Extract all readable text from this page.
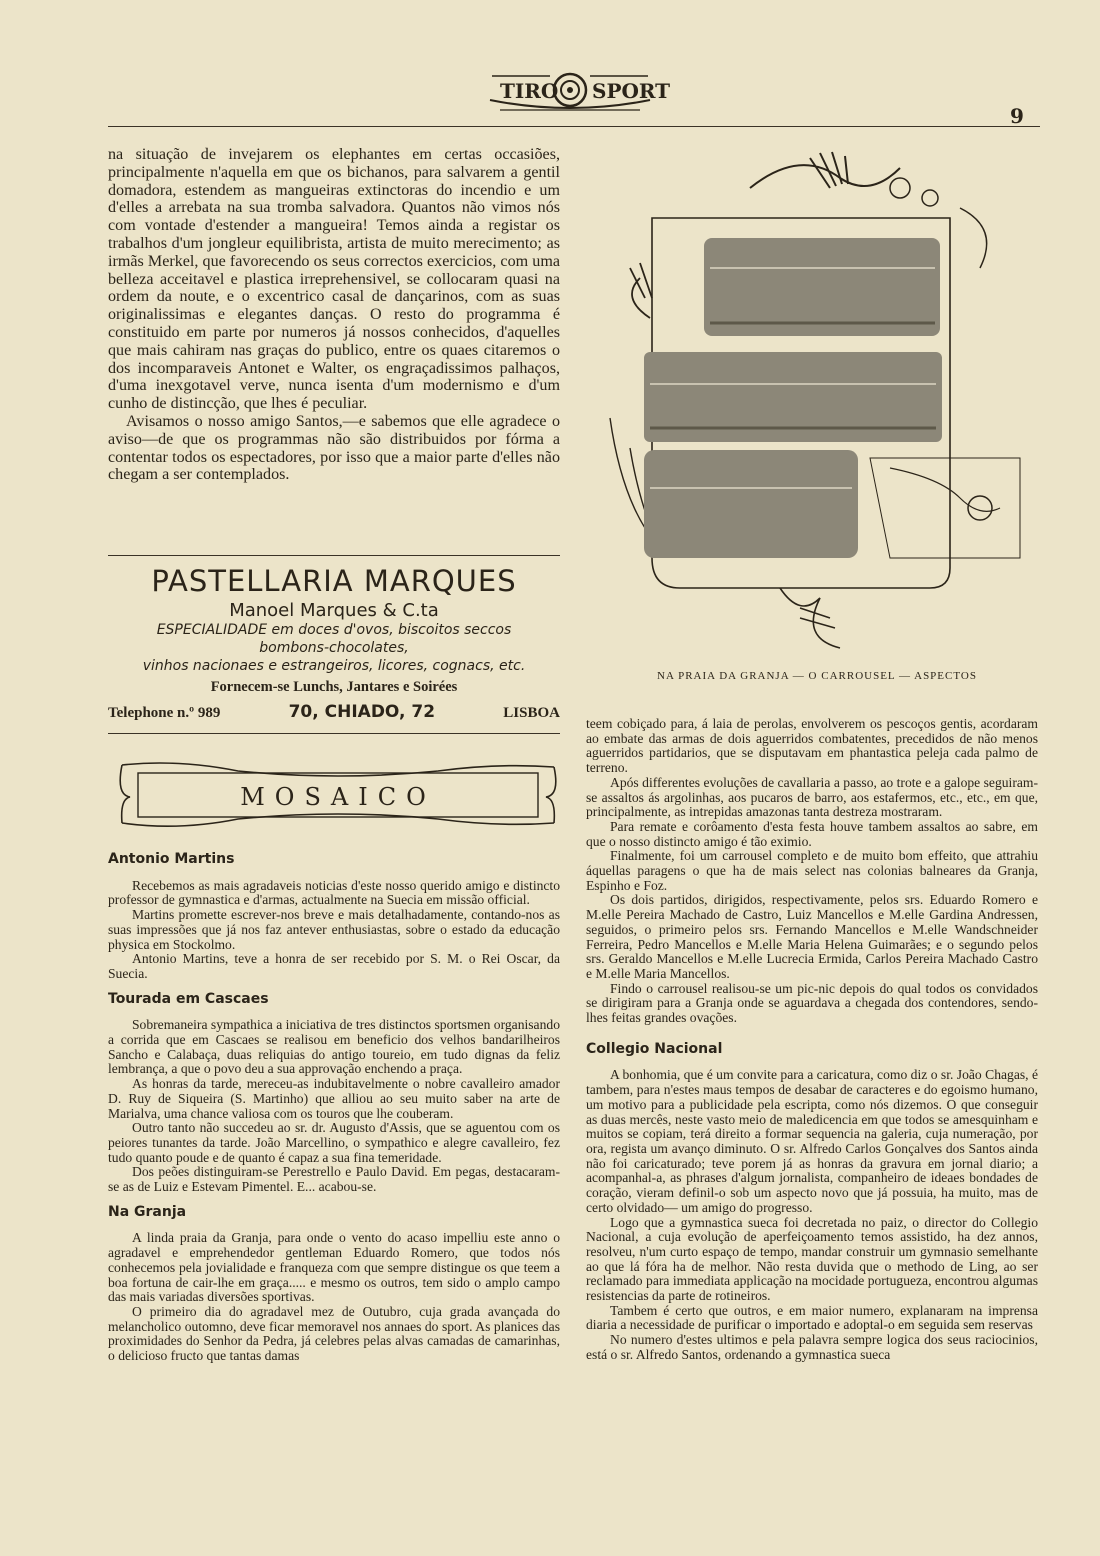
TIRO SPORT
9

na situação de invejarem os elephantes em certas occasiões, principalmente n'aquella em que os bichanos, para salvarem a gentil domadora, estendem as mangueiras extinctoras do incendio e um d'elles a arrebata na sua tromba salvadora. Quantos não vimos nós com vontade d'estender a mangueira! Temos ainda a registar os trabalhos d'um jongleur equilibrista, artista de muito merecimento; as irmãs Merkel, que favorecendo os seus correctos exercicios, com uma belleza acceitavel e plastica irreprehensivel, se collocaram quasi na ordem da noute, e o excentrico casal de dançarinos, com as suas originalissimas e elegantes danças. O resto do programma é constituido em parte por numeros já nossos conhecidos, d'aquelles que mais cahiram nas graças do publico, entre os quaes citaremos o dos incomparaveis Antonet e Walter, os engraçadissimos palhaços, d'uma inexgotavel verve, nunca isenta d'um modernismo e d'um cunho de distincção, que lhes é peculiar.

Avisamos o nosso amigo Santos,—e sabemos que elle agradece o aviso—de que os programmas não são distribuidos por fórma a contentar todos os espectadores, por isso que a maior parte d'elles não chegam a ser contemplados.

PASTELLARIA MARQUES
Manoel Marques & C.ta
ESPECIALIDADE em doces d'ovos, biscoitos seccos
bombons-chocolates,
vinhos nacionaes e estrangeiros, licores, cognacs, etc.
Fornecem-se Lunchs, Jantares e Soirées
Telephone n.º 989	70, CHIADO, 72	LISBOA
MOSAICO
Antonio Martins

Recebemos as mais agradaveis noticias d'este nosso querido amigo e distincto professor de gymnastica e d'armas, actualmente na Suecia em missão official.

Martins promette escrever-nos breve e mais detalhadamente, contando-nos as suas impressões que já nos faz antever enthusiastas, sobre o estado da educação physica em Stockolmo.

Antonio Martins, teve a honra de ser recebido por S. M. o Rei Oscar, da Suecia.

Tourada em Cascaes

Sobremaneira sympathica a iniciativa de tres distinctos sportsmen organisando a corrida que em Cascaes se realisou em beneficio dos velhos bandarilheiros Sancho e Calabaça, duas reliquias do antigo toureio, em tudo dignas da feliz lembrança, a que o povo deu a sua approvação enchendo a praça.

As honras da tarde, mereceu-as indubitavelmente o nobre cavalleiro amador D. Ruy de Siqueira (S. Martinho) que alliou ao seu muito saber na arte de Marialva, uma chance valiosa com os touros que lhe couberam.

Outro tanto não succedeu ao sr. dr. Augusto d'Assis, que se aguentou com os peiores tunantes da tarde. João Marcellino, o sympathico e alegre cavalleiro, fez tudo quanto poude e de quanto é capaz a sua fina temeridade.

Dos peões distinguiram-se Perestrello e Paulo David. Em pegas, destacaram-se as de Luiz e Estevam Pimentel. E... acabou-se.

Na Granja

A linda praia da Granja, para onde o vento do acaso impelliu este anno o agradavel e emprehendedor gentleman Eduardo Romero, que todos nós conhecemos pela jovialidade e franqueza com que sempre distingue os que teem a boa fortuna de cair-lhe em graça..... e mesmo os outros, tem sido o amplo campo das mais variadas diversões sportivas.

O primeiro dia do agradavel mez de Outubro, cuja grada avançada do melancholico outomno, deve ficar memoravel nos annaes do sport. As planices das proximidades do Senhor da Pedra, já celebres pelas alvas camadas de camarinhas, o delicioso fructo que tantas damas

NA PRAIA DA GRANJA — O CARROUSEL — ASPECTOS

teem cobiçado para, á laia de perolas, envolverem os pescoços gentis, acordaram ao embate das armas de dois aguerridos combatentes, precedidos de não menos aguerridos partidarios, que se disputavam em phantastica peleja cada palmo de terreno.

Após differentes evoluções de cavallaria a passo, ao trote e a galope seguiram-se assaltos ás argolinhas, aos pucaros de barro, aos estafermos, etc., etc., em que, principalmente, as intrepidas amazonas tanta destreza mostraram.

Para remate e corôamento d'esta festa houve tambem assaltos ao sabre, em que o nosso distincto amigo é tão eximio.

Finalmente, foi um carrousel completo e de muito bom effeito, que attrahiu áquellas paragens o que ha de mais select nas colonias balneares da Granja, Espinho e Foz.

Os dois partidos, dirigidos, respectivamente, pelos srs. Eduardo Romero e M.elle Pereira Machado de Castro, Luiz Mancellos e M.elle Gardina Andressen, seguidos, o primeiro pelos srs. Fernando Mancellos e M.elle Wandschneider Ferreira, Pedro Mancellos e M.elle Maria Helena Guimarães; e o segundo pelos srs. Geraldo Mancellos e M.elle Lucrecia Ermida, Carlos Pereira Machado Castro e M.elle Maria Mancellos.

Findo o carrousel realisou-se um pic-nic depois do qual todos os convidados se dirigiram para a Granja onde se aguardava a chegada dos contendores, sendo-lhes feitas grandes ovações.

Collegio Nacional

A bonhomia, que é um convite para a caricatura, como diz o sr. João Chagas, é tambem, para n'estes maus tempos de desabar de caracteres e do egoismo humano, um motivo para a publicidade pela escripta, como nós dizemos. O que conseguir as duas mercês, neste vasto meio de maledicencia em que todos se amesquinham e muitos se copiam, terá direito a formar sequencia na galeria, cuja numeração, por ora, regista um avanço diminuto. O sr. Alfredo Carlos Gonçalves dos Santos ainda não foi caricaturado; teve porem já as honras da gravura em jornal diario; a acompanhal-a, as phrases d'algum jornalista, companheiro de ideaes bondades de coração, vieram definil-o sob um aspecto novo que já possuia, ha muito, mas de certo olvidado— um amigo do progresso.

Logo que a gymnastica sueca foi decretada no paiz, o director do Collegio Nacional, a cuja evolução de aperfeiçoamento temos assistido, ha dez annos, resolveu, n'um curto espaço de tempo, mandar construir um gymnasio semelhante ao que lá fóra ha de melhor. Não resta duvida que o methodo de Ling, ao ser reclamado para immediata applicação na mocidade portugueza, encontrou algumas resistencias da parte de rotineiros.

Tambem é certo que outros, e em maior numero, explanaram na imprensa diaria a necessidade de purificar o importado e adoptal-o em seguida sem reservas

No numero d'estes ultimos e pela palavra sempre logica dos seus raciocinios, está o sr. Alfredo Santos, ordenando a gymnastica sueca
